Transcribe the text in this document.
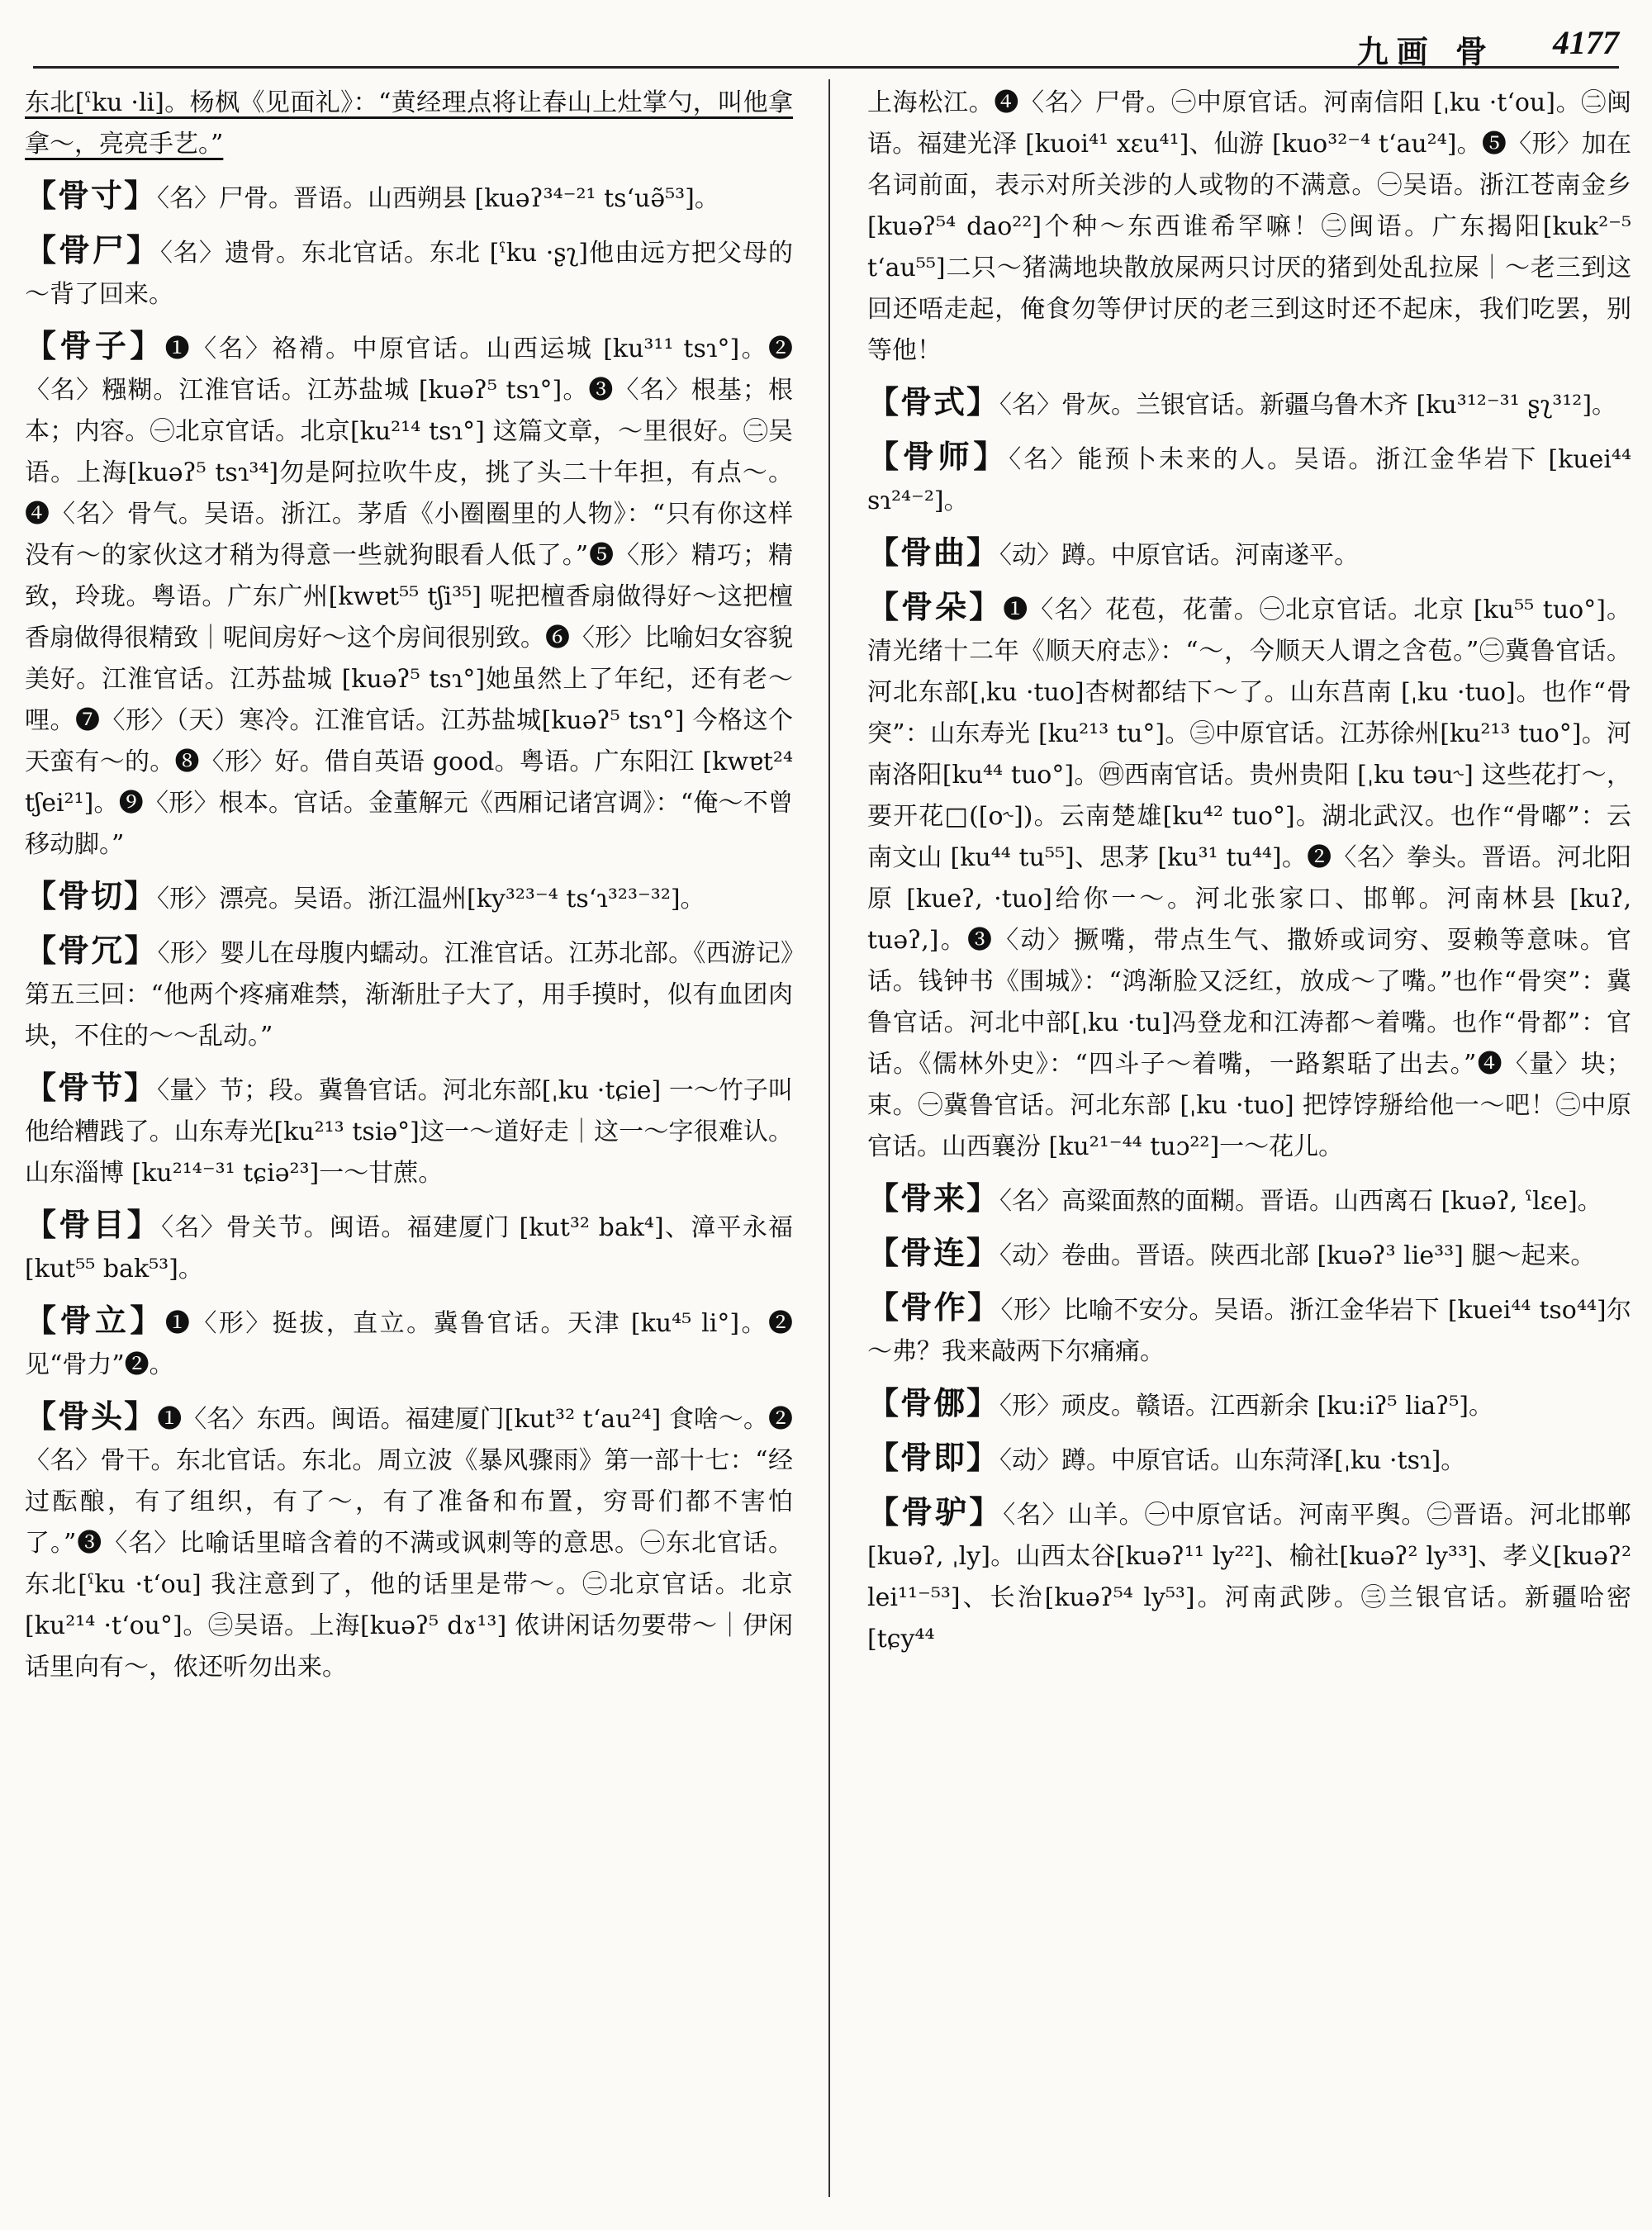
九画 骨 4177

东北[ˤku ·li]。杨枫《见面礼》：“黄经理点将让春山上灶掌勺，叫他拿拿～，亮亮手艺。”

【骨寸】〈名〉尸骨。晋语。山西朔县 [kuəʔ³⁴⁻²¹ tsʻuə̃⁵³]。

【骨尸】〈名〉遗骨。东北官话。东北 [ˤku ·ʂʅ]他由远方把父母的～背了回来。

【骨子】❶〈名〉袼褙。中原官话。山西运城 [ku³¹¹ tsɿ°]。❷〈名〉糨糊。江淮官话。江苏盐城 [kuəʔ⁵ tsɿ°]。❸〈名〉根基；根本；内容。㊀北京官话。北京[ku²¹⁴ tsɿ°] 这篇文章，～里很好。㊁吴语。上海[kuəʔ⁵ tsɿ³⁴]勿是阿拉吹牛皮，挑了头二十年担，有点～。❹〈名〉骨气。吴语。浙江。茅盾《小圈圈里的人物》：“只有你这样没有～的家伙这才稍为得意一些就狗眼看人低了。”❺〈形〉精巧；精致，玲珑。粤语。广东广州[kwɐt⁵⁵ tʃi³⁵] 呢把檀香扇做得好～这把檀香扇做得很精致｜呢间房好～这个房间很别致。❻〈形〉比喻妇女容貌美好。江淮官话。江苏盐城 [kuəʔ⁵ tsɿ°]她虽然上了年纪，还有老～哩。❼〈形〉（天）寒冷。江淮官话。江苏盐城[kuəʔ⁵ tsɿ°] 今格这个天蛮有～的。❽〈形〉好。借自英语 good。粤语。广东阳江 [kwɐt²⁴ tʃei²¹]。❾〈形〉根本。官话。金董解元《西厢记诸宫调》：“俺～不曾移动脚。”

【骨切】〈形〉漂亮。吴语。浙江温州[ky³²³⁻⁴ tsʻɿ³²³⁻³²]。

【骨冗】〈形〉婴儿在母腹内蠕动。江淮官话。江苏北部。《西游记》第五三回：“他两个疼痛难禁，渐渐肚子大了，用手摸时，似有血团肉块，不住的～～乱动。”

【骨节】〈量〉节；段。冀鲁官话。河北东部[ˌku ·tɕie] 一～竹子叫他给糟践了。山东寿光[ku²¹³ tsiə°]这一～道好走｜这一～字很难认。山东淄博 [ku²¹⁴⁻³¹ tɕiə²³]一～甘蔗。

【骨目】〈名〉骨关节。闽语。福建厦门 [kut³² bak⁴]、漳平永福[kut⁵⁵ bak⁵³]。

【骨立】❶〈形〉挺拔，直立。冀鲁官话。天津 [ku⁴⁵ li°]。❷见“骨力”❷。

【骨头】❶〈名〉东西。闽语。福建厦门[kut³² tʻau²⁴] 食啥～。❷〈名〉骨干。东北官话。东北。周立波《暴风骤雨》第一部十七：“经过酝酿，有了组织，有了～，有了准备和布置，穷哥们都不害怕了。”❸〈名〉比喻话里暗含着的不满或讽刺等的意思。㊀东北官话。东北[ˤku ·tʻou] 我注意到了，他的话里是带～。㊁北京官话。北京[ku²¹⁴ ·tʻou°]。㊂吴语。上海[kuəʔ⁵ dɤ¹³] 侬讲闲话勿要带～｜伊闲话里向有～，侬还听勿出来。

上海松江。❹〈名〉尸骨。㊀中原官话。河南信阳 [ˌku ·tʻou]。㊁闽语。福建光泽 [kuoi⁴¹ xɛu⁴¹]、仙游 [kuo³²⁻⁴ tʻau²⁴]。❺〈形〉加在名词前面，表示对所关涉的人或物的不满意。㊀吴语。浙江苍南金乡[kuəʔ⁵⁴ dao²²]个种～东西谁希罕嘛！㊁闽语。广东揭阳[kuk²⁻⁵ tʻau⁵⁵]二只～猪满地块散放屎两只讨厌的猪到处乱拉屎｜～老三到这回还唔走起，俺食勿等伊讨厌的老三到这时还不起床，我们吃罢，别等他！

【骨式】〈名〉骨灰。兰银官话。新疆乌鲁木齐 [ku³¹²⁻³¹ ʂʅ³¹²]。

【骨师】〈名〉能预卜未来的人。吴语。浙江金华岩下 [kuei⁴⁴ sɿ²⁴⁻²]。

【骨曲】〈动〉蹲。中原官话。河南遂平。

【骨朵】❶〈名〉花苞，花蕾。㊀北京官话。北京 [ku⁵⁵ tuo°]。清光绪十二年《顺天府志》：“～，今顺天人谓之含苞。”㊁冀鲁官话。河北东部[ˌku ·tuo]杏树都结下～了。山东莒南 [ˌku ·tuo]。也作“骨突”：山东寿光 [ku²¹³ tu°]。㊂中原官话。江苏徐州[ku²¹³ tuo°]。河南洛阳[ku⁴⁴ tuo°]。㊃西南官话。贵州贵阳 [ˌku təu˞] 这些花打～，要开花□([o˞])。云南楚雄[ku⁴² tuo°]。湖北武汉。也作“骨嘟”：云南文山 [ku⁴⁴ tu⁵⁵]、思茅 [ku³¹ tu⁴⁴]。❷〈名〉拳头。晋语。河北阳原 [kueʔ, ·tuo]给你一～。河北张家口、邯郸。河南林县 [kuʔ, tuəʔ,]。❸〈动〉撅嘴，带点生气、撒娇或词穷、耍赖等意味。官话。钱钟书《围城》：“鸿渐脸又泛红，放成～了嘴。”也作“骨突”：冀鲁官话。河北中部[ˌku ·tu]冯登龙和江涛都～着嘴。也作“骨都”：官话。《儒林外史》：“四斗子～着嘴，一路絮聒了出去。”❹〈量〉块；束。㊀冀鲁官话。河北东部 [ˌku ·tuo] 把饽饽掰给他一～吧！㊁中原官话。山西襄汾 [ku²¹⁻⁴⁴ tuɔ²²]一～花儿。

【骨来】〈名〉高粱面熬的面糊。晋语。山西离石 [kuəʔ, ˤlɛe]。

【骨连】〈动〉卷曲。晋语。陕西北部 [kuəʔ³ lie³³] 腿～起来。

【骨作】〈形〉比喻不安分。吴语。浙江金华岩下 [kuei⁴⁴ tso⁴⁴]尔～弗？我来敲两下尔痛痛。

【骨㑚】〈形〉顽皮。赣语。江西新余 [ku:iʔ⁵ liaʔ⁵]。

【骨即】〈动〉蹲。中原官话。山东菏泽[ˌku ·tsɿ]。

【骨驴】〈名〉山羊。㊀中原官话。河南平舆。㊁晋语。河北邯郸 [kuəʔ, ˌly]。山西太谷[kuəʔ¹¹ ly²²]、榆社[kuəʔ² ly³³]、孝义[kuəʔ² lei¹¹⁻⁵³]、长治[kuəʔ⁵⁴ ly⁵³]。河南武陟。㊂兰银官话。新疆哈密 [tɕy⁴⁴
